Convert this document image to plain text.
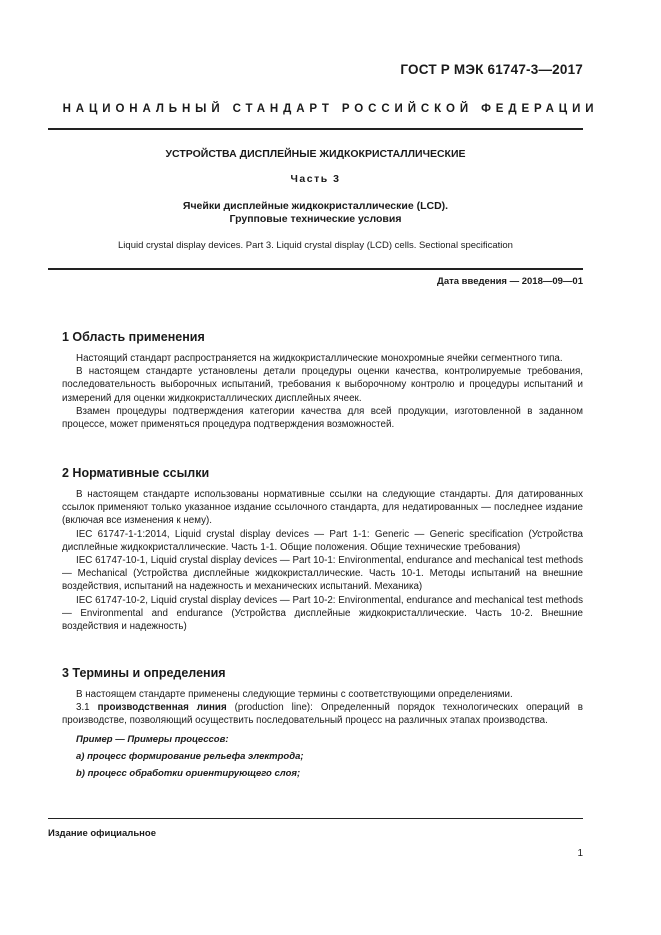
ГОСТ Р МЭК 61747-3—2017
НАЦИОНАЛЬНЫЙ СТАНДАРТ РОССИЙСКОЙ ФЕДЕРАЦИИ
УСТРОЙСТВА ДИСПЛЕЙНЫЕ ЖИДКОКРИСТАЛЛИЧЕСКИЕ
Часть 3
Ячейки дисплейные жидкокристаллические (LCD).
Групповые технические условия
Liquid crystal display devices. Part 3. Liquid crystal display (LCD) cells. Sectional specification
Дата введения — 2018—09—01
1 Область применения

Настоящий стандарт распространяется на жидкокристаллические монохромные ячейки сегментного типа.

В настоящем стандарте установлены детали процедуры оценки качества, контролируемые требования, последовательность выборочных испытаний, требования к выборочному контролю и процедуры испытаний и измерений для оценки жидкокристаллических дисплейных ячеек.

Взамен процедуры подтверждения категории качества для всей продукции, изготовленной в заданном процессе, может применяться процедура подтверждения возможностей.

2 Нормативные ссылки

В настоящем стандарте использованы нормативные ссылки на следующие стандарты. Для датированных ссылок применяют только указанное издание ссылочного стандарта, для недатированных — последнее издание (включая все изменения к нему).

IEC 61747-1-1:2014, Liquid crystal display devices — Part 1-1: Generic — Generic specification (Устройства дисплейные жидкокристаллические. Часть 1-1. Общие положения. Общие технические требования)

IEC 61747-10-1, Liquid crystal display devices — Part 10-1: Environmental, endurance and mechanical test methods — Mechanical (Устройства дисплейные жидкокристаллические. Часть 10-1. Методы испытаний на внешние воздействия, испытаний на надежность и механических испытаний. Механика)

IEC 61747-10-2, Liquid crystal display devices — Part 10-2: Environmental, endurance and mechanical test methods — Environmental and endurance (Устройства дисплейные жидкокристаллические. Часть 10-2. Внешние воздействия и надежность)

3 Термины и определения

В настоящем стандарте применены следующие термины с соответствующими определениями.

3.1 производственная линия (production line): Определенный порядок технологических операций в производстве, позволяющий осуществить последовательный процесс на различных этапах производства.

Пример — Примеры процессов:

a) процесс формирование рельефа электрода;

b) процесс обработки ориентирующего слоя;

Издание официальное
1
